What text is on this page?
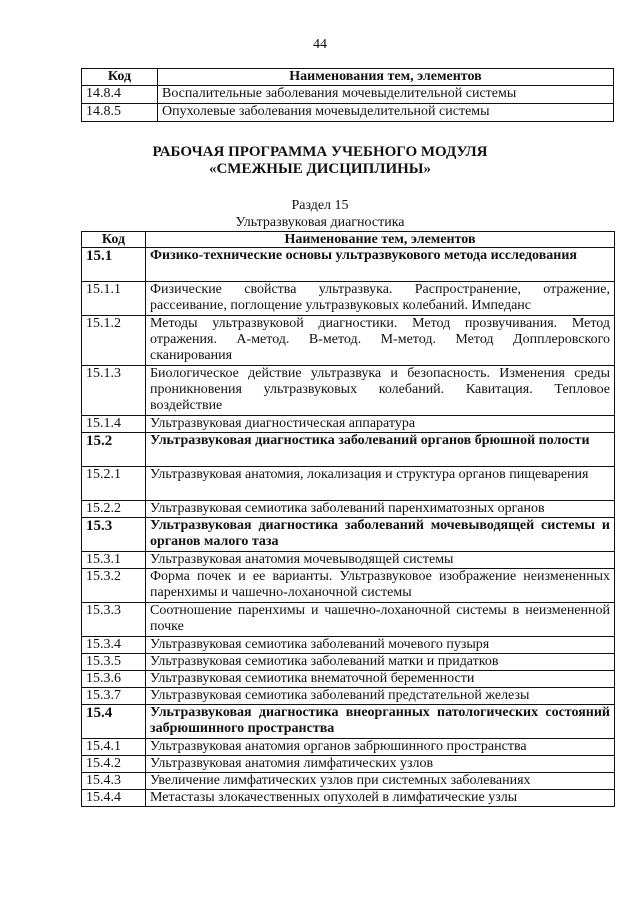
44
Код	Наименования тем, элементов
14.8.4	Воспалительные заболевания мочевыделительной системы
14.8.5	Опухолевые заболевания мочевыделительной системы
РАБОЧАЯ ПРОГРАММА УЧЕБНОГО МОДУЛЯ
«СМЕЖНЫЕ ДИСЦИПЛИНЫ»
Раздел 15
Ультразвуковая диагностика
Код	Наименование тем, элементов
15.1	Физико-технические основы ультразвукового метода исследования
15.1.1	Физические свойства ультразвука. Распространение, отражение, рассеивание, поглощение ультразвуковых колебаний. Импеданс
15.1.2	Методы ультразвуковой диагностики. Метод прозвучивания. Метод отражения. А-метод. В-метод. М-метод. Метод Допплеровского сканирования
15.1.3	Биологическое действие ультразвука и безопасность. Изменения среды проникновения ультразвуковых колебаний. Кавитация. Тепловое воздействие
15.1.4	Ультразвуковая диагностическая аппаратура
15.2	Ультразвуковая диагностика заболеваний органов брюшной полости
15.2.1	Ультразвуковая анатомия, локализация и структура органов пищеварения
15.2.2	Ультразвуковая семиотика заболеваний паренхиматозных органов
15.3	Ультразвуковая диагностика заболеваний мочевыводящей системы и органов малого таза
15.3.1	Ультразвуковая анатомия мочевыводящей системы
15.3.2	Форма почек и ее варианты. Ультразвуковое изображение неизмененных паренхимы и чашечно-лоханочной системы
15.3.3	Соотношение паренхимы и чашечно-лоханочной системы в неизмененной почке
15.3.4	Ультразвуковая семиотика заболеваний мочевого пузыря
15.3.5	Ультразвуковая семиотика заболеваний матки и придатков
15.3.6	Ультразвуковая семиотика внематочной беременности
15.3.7	Ультразвуковая семиотика заболеваний предстательной железы
15.4	Ультразвуковая диагностика внеорганных патологических состояний забрюшинного пространства
15.4.1	Ультразвуковая анатомия органов забрюшинного пространства
15.4.2	Ультразвуковая анатомия лимфатических узлов
15.4.3	Увеличение лимфатических узлов при системных заболеваниях
15.4.4	Метастазы злокачественных опухолей в лимфатические узлы
